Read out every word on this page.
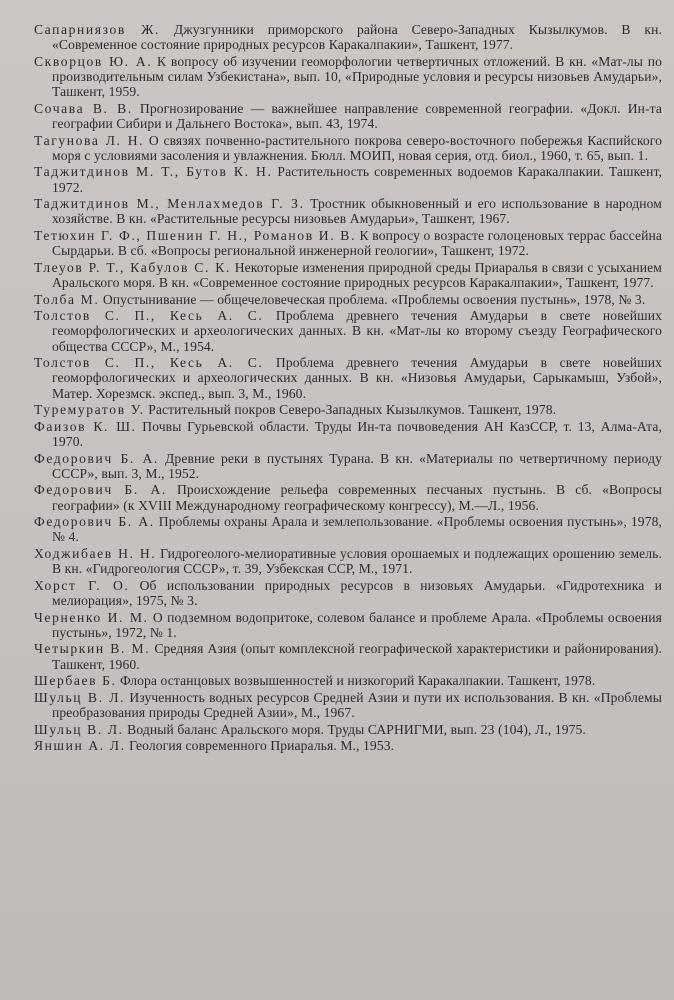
Сапарниязов Ж. Джузгунники приморского района Северо-Западных Кызылкумов. В кн. «Современное состояние природных ресурсов Каракалпакии», Ташкент, 1977.

Скворцов Ю. А. К вопросу об изучении геоморфологии четвертичных отложений. В кн. «Мат-лы по производительным силам Узбекистана», вып. 10, «Природные условия и ресурсы низовьев Амударьи», Ташкент, 1959.

Сочава В. В. Прогнозирование — важнейшее направление современной географии. «Докл. Ин-та географии Сибири и Дальнего Востока», вып. 43, 1974.

Тагунова Л. Н. О связях почвенно-растительного покрова северо-восточного побережья Каспийского моря с условиями засоления и увлажнения. Бюлл. МОИП, новая серия, отд. биол., 1960, т. 65, вып. 1.

Таджитдинов М. Т., Бутов К. Н. Растительность современных водоемов Каракалпакии. Ташкент, 1972.

Таджитдинов М., Менлахмедов Г. З. Тростник обыкновенный и его использование в народном хозяйстве. В кн. «Растительные ресурсы низовьев Амударьи», Ташкент, 1967.

Тетюхин Г. Ф., Пшенин Г. Н., Романов И. В. К вопросу о возрасте голоценовых террас бассейна Сырдарьи. В сб. «Вопросы региональной инженерной геологии», Ташкент, 1972.

Тлеуов Р. Т., Кабулов С. К. Некоторые изменения природной среды Приаралья в связи с усыханием Аральского моря. В кн. «Современное состояние природных ресурсов Каракалпакии», Ташкент, 1977.

Толба М. Опустынивание — общечеловеческая проблема. «Проблемы освоения пустынь», 1978, № 3.

Толстов С. П., Кесь А. С. Проблема древнего течения Амударьи в свете новейших геоморфологических и археологических данных. В кн. «Мат-лы ко второму съезду Географического общества СССР», М., 1954.

Толстов С. П., Кесь А. С. Проблема древнего течения Амударьи в свете новейших геоморфологических и археологических данных. В кн. «Низовья Амударьи, Сарыкамыш, Узбой», Матер. Хорезмск. экспед., вып. 3, М., 1960.

Туремуратов У. Растительный покров Северо-Западных Кызылкумов. Ташкент, 1978.

Фаизов К. Ш. Почвы Гурьевской области. Труды Ин-та почвоведения АН КазССР, т. 13, Алма-Ата, 1970.

Федорович Б. А. Древние реки в пустынях Турана. В кн. «Материалы по четвертичному периоду СССР», вып. 3, М., 1952.

Федорович Б. А. Происхождение рельефа современных песчаных пустынь. В сб. «Вопросы географии» (к XVIII Международному географическому конгрессу), М.—Л., 1956.

Федорович Б. А. Проблемы охраны Арала и землепользование. «Проблемы освоения пустынь», 1978, № 4.

Ходжибаев Н. Н. Гидрогеолого-мелиоративные условия орошаемых и подлежащих орошению земель. В кн. «Гидрогеология СССР», т. 39, Узбекская ССР, М., 1971.

Хорст Г. О. Об использовании природных ресурсов в низовьях Амударьи. «Гидротехника и мелиорация», 1975, № 3.

Черненко И. М. О подземном водопритоке, солевом балансе и проблеме Арала. «Проблемы освоения пустынь», 1972, № 1.

Четыркин В. М. Средняя Азия (опыт комплексной географической характеристики и районирования). Ташкент, 1960.

Шербаев Б. Флора останцовых возвышенностей и низкогорий Каракалпакии. Ташкент, 1978.

Шульц В. Л. Изученность водных ресурсов Средней Азии и пути их использования. В кн. «Проблемы преобразования природы Средней Азии», М., 1967.

Шульц В. Л. Водный баланс Аральского моря. Труды САРНИГМИ, вып. 23 (104), Л., 1975.

Яншин А. Л. Геология современного Приаралья. М., 1953.
